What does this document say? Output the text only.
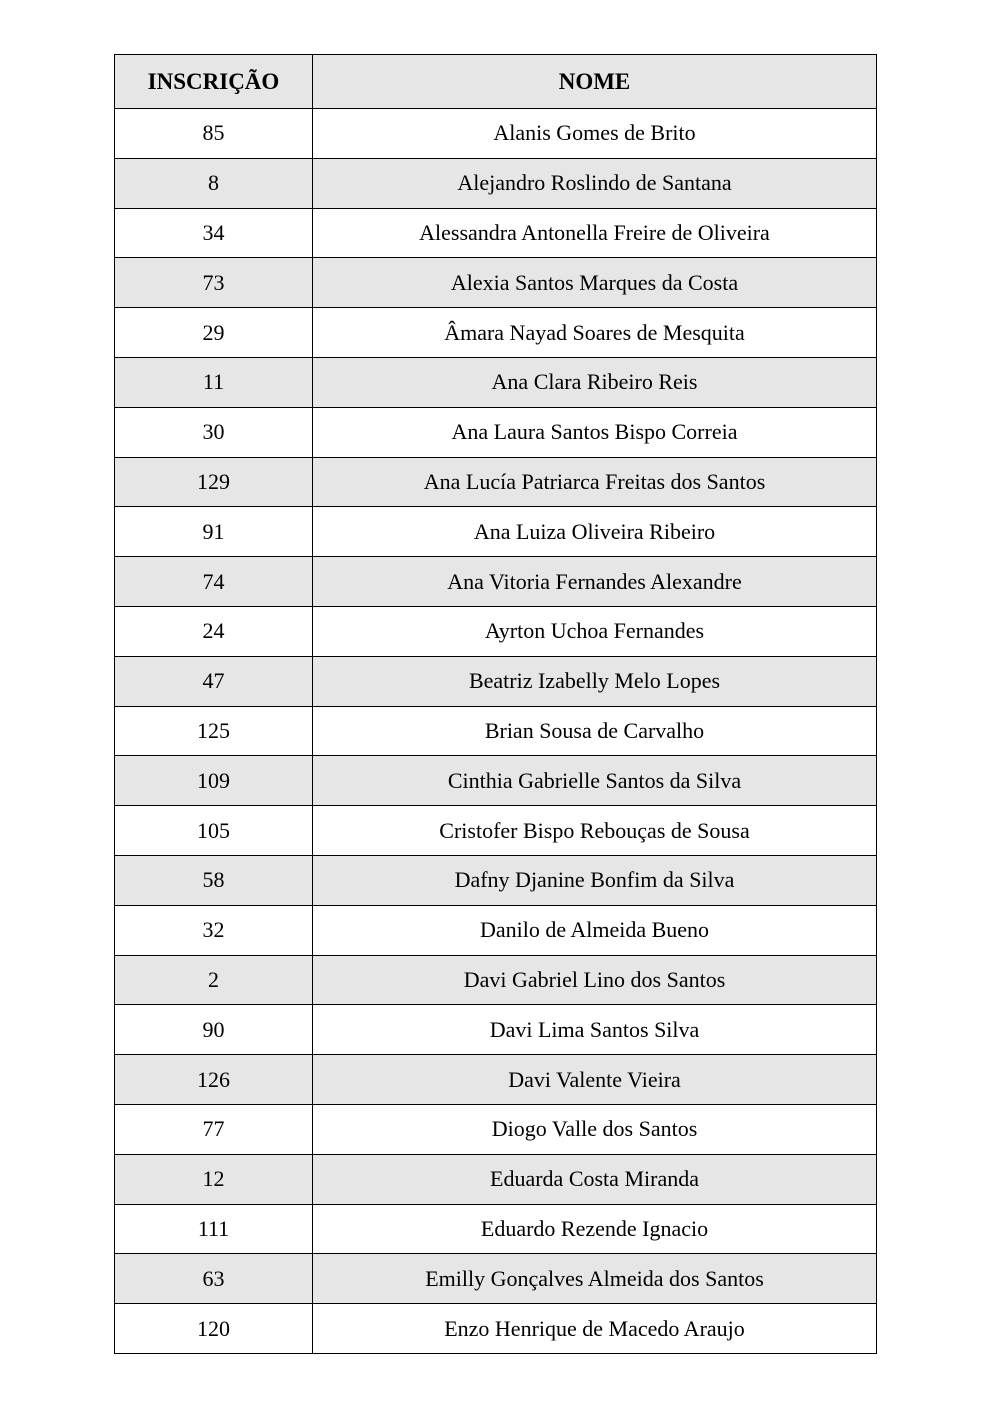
INSCRIÇÃO	NOME
85	Alanis Gomes de Brito
8	Alejandro Roslindo de Santana
34	Alessandra Antonella Freire de Oliveira
73	Alexia Santos Marques da Costa
29	Âmara Nayad Soares de Mesquita
11	Ana Clara Ribeiro Reis
30	Ana Laura Santos Bispo Correia
129	Ana Lucía Patriarca Freitas dos Santos
91	Ana Luiza Oliveira Ribeiro
74	Ana Vitoria Fernandes Alexandre
24	Ayrton Uchoa Fernandes
47	Beatriz Izabelly Melo Lopes
125	Brian Sousa de Carvalho
109	Cinthia Gabrielle Santos da Silva
105	Cristofer Bispo Rebouças de Sousa
58	Dafny Djanine Bonfim da Silva
32	Danilo de Almeida Bueno
2	Davi Gabriel Lino dos Santos
90	Davi Lima Santos Silva
126	Davi Valente Vieira
77	Diogo Valle dos Santos
12	Eduarda Costa Miranda
111	Eduardo Rezende Ignacio
63	Emilly Gonçalves Almeida dos Santos
120	Enzo Henrique de Macedo Araujo
